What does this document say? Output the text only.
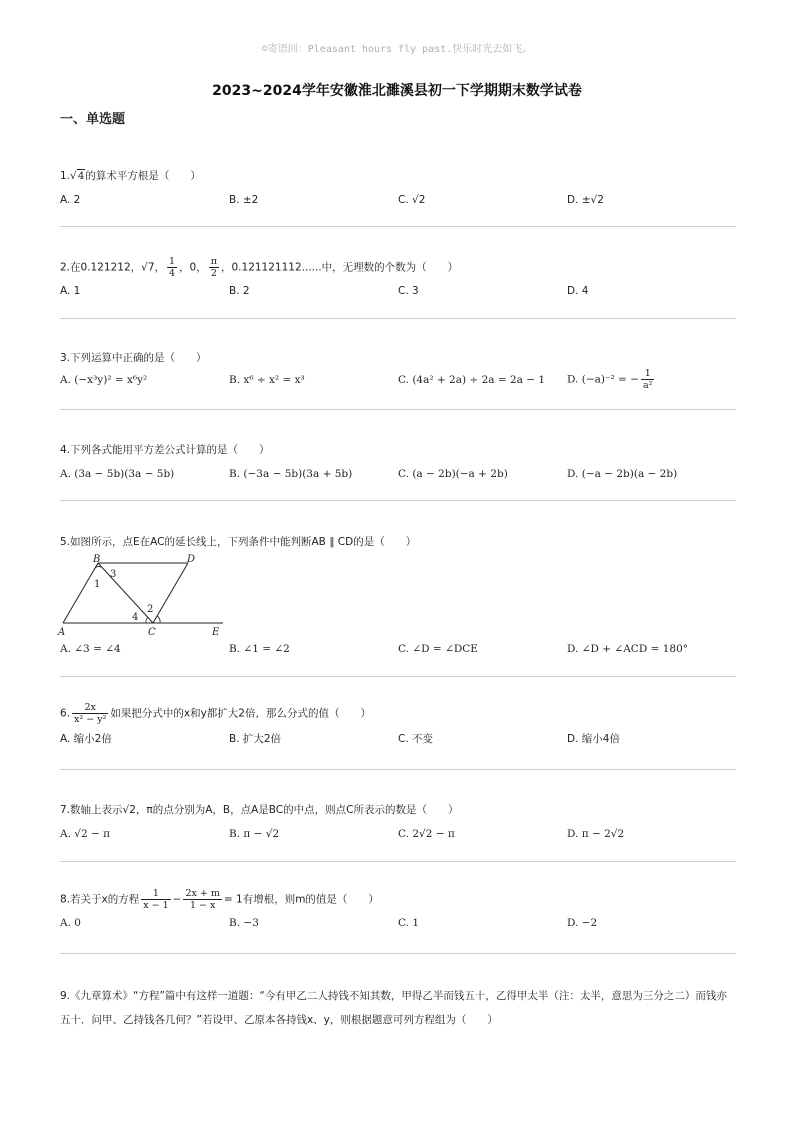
☺寄语回：Pleasant hours fly past.快乐时光去如飞。
2023~2024学年安徽淮北濉溪县初一下学期期末数学试卷
一、单选题
1.√4的算术平方根是（　　）
A. 2	B. ±2	C. √2	D. ±√2
2.在0.121212，√7， $\frac{1}{4}$ ，0， $\frac{\pi}{2}$ ，0.121121112......中，无理数的个数为（　　）
A. 1	B. 2	C. 3	D. 4
3.下列运算中正确的是（　　）
A. (−x³y)² = x⁶y²	B. x⁶ ÷ x² = x³	C. (4a² + 2a) ÷ 2a = 2a − 1 D. (−a)⁻² = − $\frac{1}{\text{a²}}$
4.下列各式能用平方差公式计算的是（　　）
A. (3a − 5b)(3a − 5b)	B. (−3a − 5b)(3a + 5b)	C. (a − 2b)(−a + 2b)	D. (−a − 2b)(a − 2b)
5.如图所示，点E在AC的延长线上，下列条件中能判断AB ∥ CD的是（　　）
B	D
A	C	E
1
2
3
4
A. ∠3 = ∠4	B. ∠1 = ∠2	C. ∠D = ∠DCE	D. ∠D + ∠ACD = 180°
6. $\frac{2x}{\text{x² − y²}}$ 如果把分式中的x和y都扩大2倍，那么分式的值（　　）
A. 缩小2倍	B. 扩大2倍	C. 不变	D. 缩小4倍
7.数轴上表示√2，π的点分别为A，B，点A是BC的中点，则点C所表示的数是（　　）
A. √2 − π	B. π − √2	C. 2√2 − π	D. π − 2√2
8.若关于x的方程 $\frac{1}{x - 1} - \frac{2x + m}{1 - x} = 1$有增根，则m的值是（　　）
A. 0	B. −3	C. 1	D. −2
9.《九章算术》“方程”篇中有这样一道题：“今有甲乙二人持钱不知其数，甲得乙半而钱五十，乙得甲太半（注：太半，意思为三分之二）而钱亦五十．问甲、乙持钱各几何？”若设甲、乙原本各持钱x、y，则根据题意可列方程组为（　　）
